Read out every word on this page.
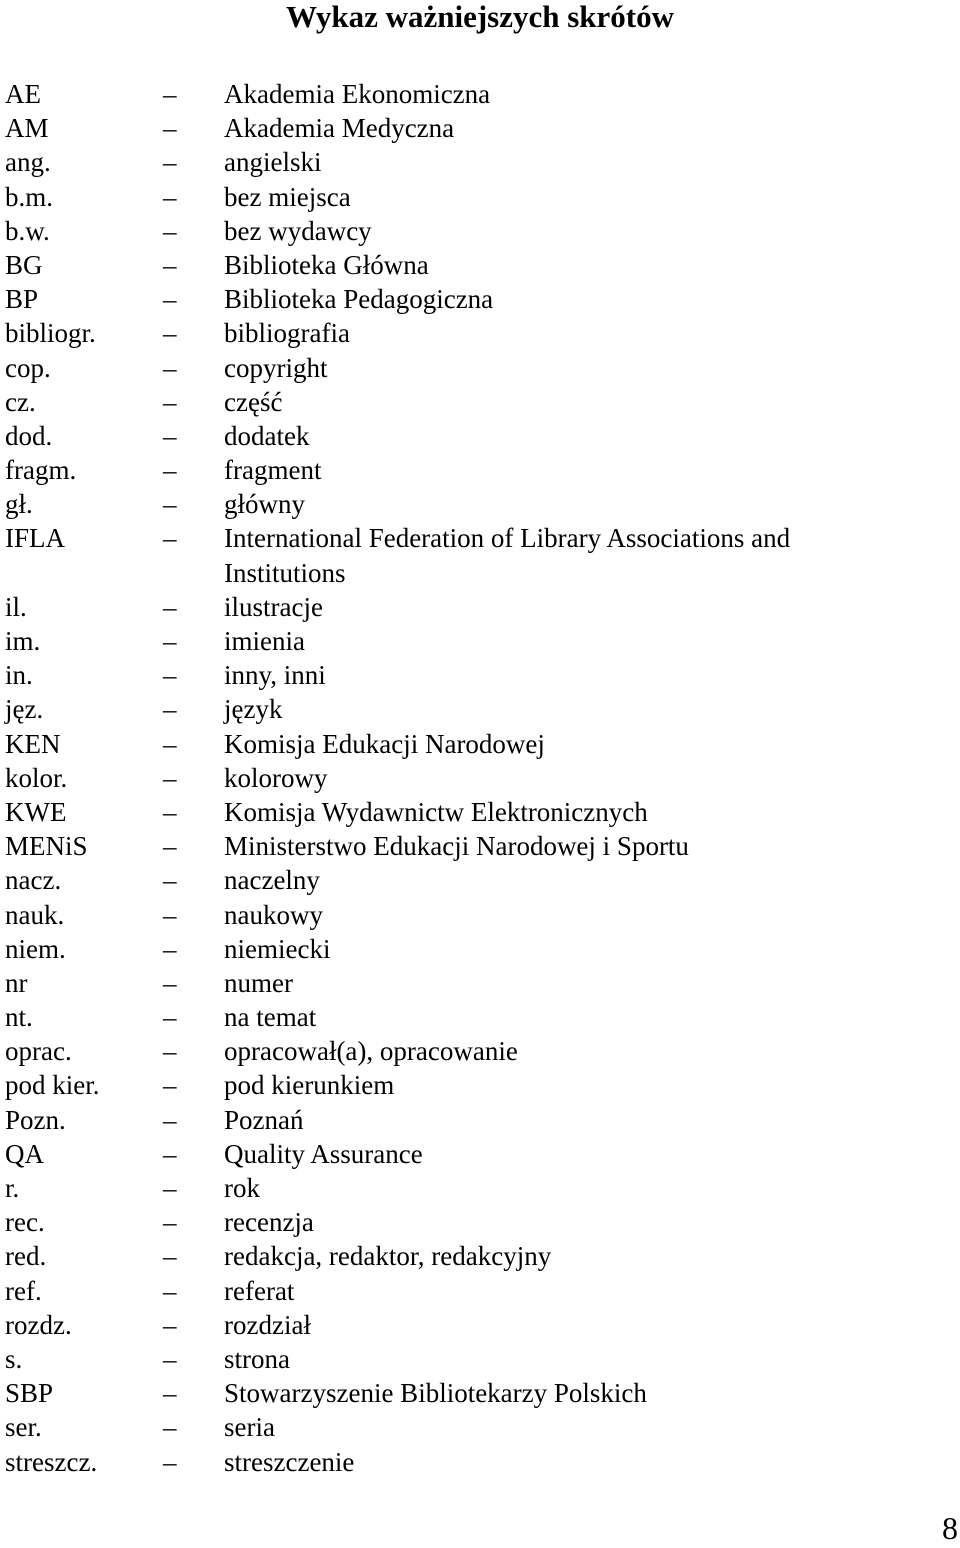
Wykaz ważniejszych skrótów
AE	– Akademia Ekonomiczna
AM	– Akademia Medyczna
ang.	– angielski
b.m.	– bez miejsca
b.w.	– bez wydawcy
BG	– Biblioteka Główna
BP	– Biblioteka Pedagogiczna
bibliogr. – bibliografia
cop.	– copyright
cz.	– część
dod.	– dodatek
fragm.	– fragment
gł.	– główny
IFLA	– International Federation of Library Associations and Institutions
il.	– ilustracje
im.	– imienia
in.	– inny, inni
jęz.	– język
KEN	– Komisja Edukacji Narodowej
kolor.	– kolorowy
KWE	– Komisja Wydawnictw Elektronicznych
MENiS	– Ministerstwo Edukacji Narodowej i Sportu
nacz.	– naczelny
nauk.	– naukowy
niem.	– niemiecki
nr	– numer
nt.	– na temat
oprac.	– opracował(a), opracowanie
pod kier. – pod kierunkiem
Pozn.	– Poznań
QA	– Quality Assurance
r.	– rok
rec.	– recenzja
red.	– redakcja, redaktor, redakcyjny
ref.	– referat
rozdz.	– rozdział
s.	– strona
SBP	– Stowarzyszenie Bibliotekarzy Polskich
ser.	– seria
streszcz. – streszczenie
8
